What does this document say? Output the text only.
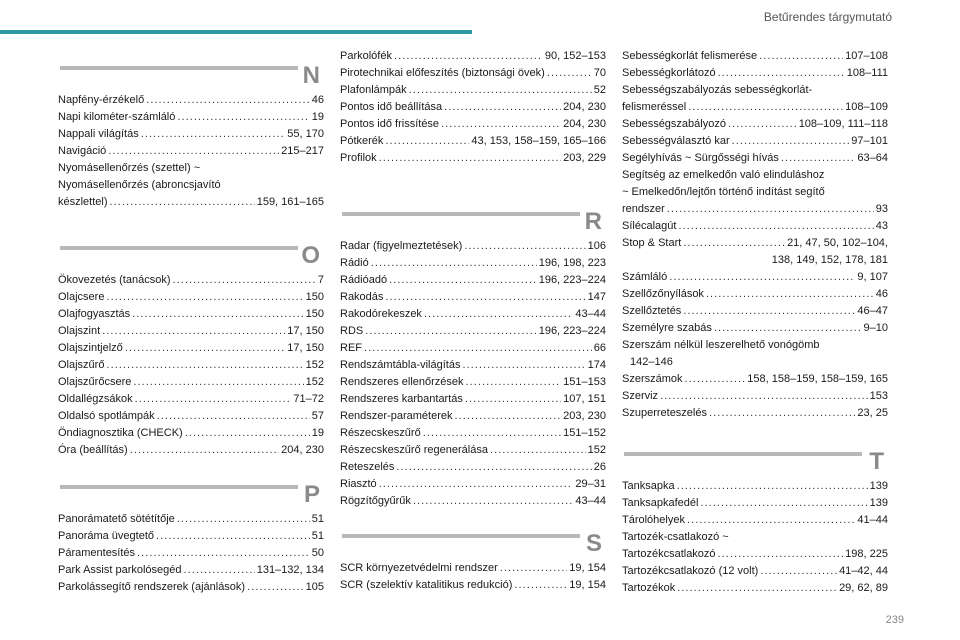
Betűrendes tárgymutató
N
Napfény-érzékelő . . .	46
Napi kilométer-számláló . . .	19
Nappali világítás . . .	55, 170
Navigáció . . .	215–217
Nyomásellenőrzés (szettel) ~
Nyomásellenőrzés (abroncsjavító
készlettel) . . .	159, 161–165
O
Ökovezetés (tanácsok) . . .	7
Olajcsere . . .	150
Olajfogyasztás . . .	150
Olajszint . . .	17, 150
Olajszintjelző . . .	17, 150
Olajszűrő . . .	152
Olajszűrőcsere . . .	152
Oldallégzsákok . . .	71–72
Oldalsó spotlámpák . . .	57
Öndiagnosztika (CHECK) . . .	19
Óra (beállítás) . . .	204, 230
P
Panorámatető sötétítője . . .	51
Panoráma üvegtető . . .	51
Páramentesítés . . .	50
Park Assist parkolósegéd . . .	131–132, 134
Parkolássegítő rendszerek (ajánlások) . . .	105
Parkolófék . . .	90, 152–153
Pirotechnikai előfeszítés (biztonsági övek) . . .	70
Plafonlámpák . . .	52
Pontos idő beállítása . . .	204, 230
Pontos idő frissítése . . .	204, 230
Pótkerék . . .	43, 153, 158–159, 165–166
Profilok . . .	203, 229
R
Radar (figyelmeztetések) . . .	106
Rádió . . .	196, 198, 223
Rádióadó . . .	196, 223–224
Rakodás . . .	147
Rakodórekeszek . . .	43–44
RDS . . .	196, 223–224
REF . . .	66
Rendszámtábla-világítás . . .	174
Rendszeres ellenőrzések . . .	151–153
Rendszeres karbantartás . . .	107, 151
Rendszer-paraméterek . . .	203, 230
Részecskeszűrő . . .	151–152
Részecskeszűrő regenerálása . . .	152
Reteszelés . . .	26
Riasztó . . .	29–31
Rögzítőgyűrűk . . .	43–44
S
SCR környezetvédelmi rendszer . . .	19, 154
SCR (szelektív katalitikus redukció) . . .	19, 154
Sebességkorlát felismerése . . .	107–108
Sebességkorlátozó . . .	108–111
Sebességszabályozás sebességkorlát-
felismeréssel . . .	108–109
Sebességszabályozó . . .	108–109, 111–118
Sebességválasztó kar . . .	97–101
Segélyhívás ~ Sürgősségi hívás . . .	63–64
Segítség az emelkedőn való elinduláshoz
~ Emelkedőn/lejtőn történő indítást segítő
rendszer . . .	93
Sílécalagút . . .	43
Stop & Start . . .	21, 47, 50, 102–104,
138, 149, 152, 178, 181
Számláló . . .	9, 107
Szellőzőnyílások . . .	46
Szellőztetés . . .	46–47
Személyre szabás . . .	9–10
Szerszám nélkül leszerelhető vonógömb
142–146
Szerszámok . . .	158, 158–159, 158–159, 165
Szerviz . . .	153
Szuperreteszelés . . .	23, 25
T
Tanksapka . . .	139
Tanksapkafedél . . .	139
Tárolóhelyek . . .	41–44
Tartozék-csatlakozó ~
Tartozékcsatlakozó . . .	198, 225
Tartozékcsatlakozó (12 volt) . . .	41–42, 44
Tartozékok . . .	29, 62, 89
239
